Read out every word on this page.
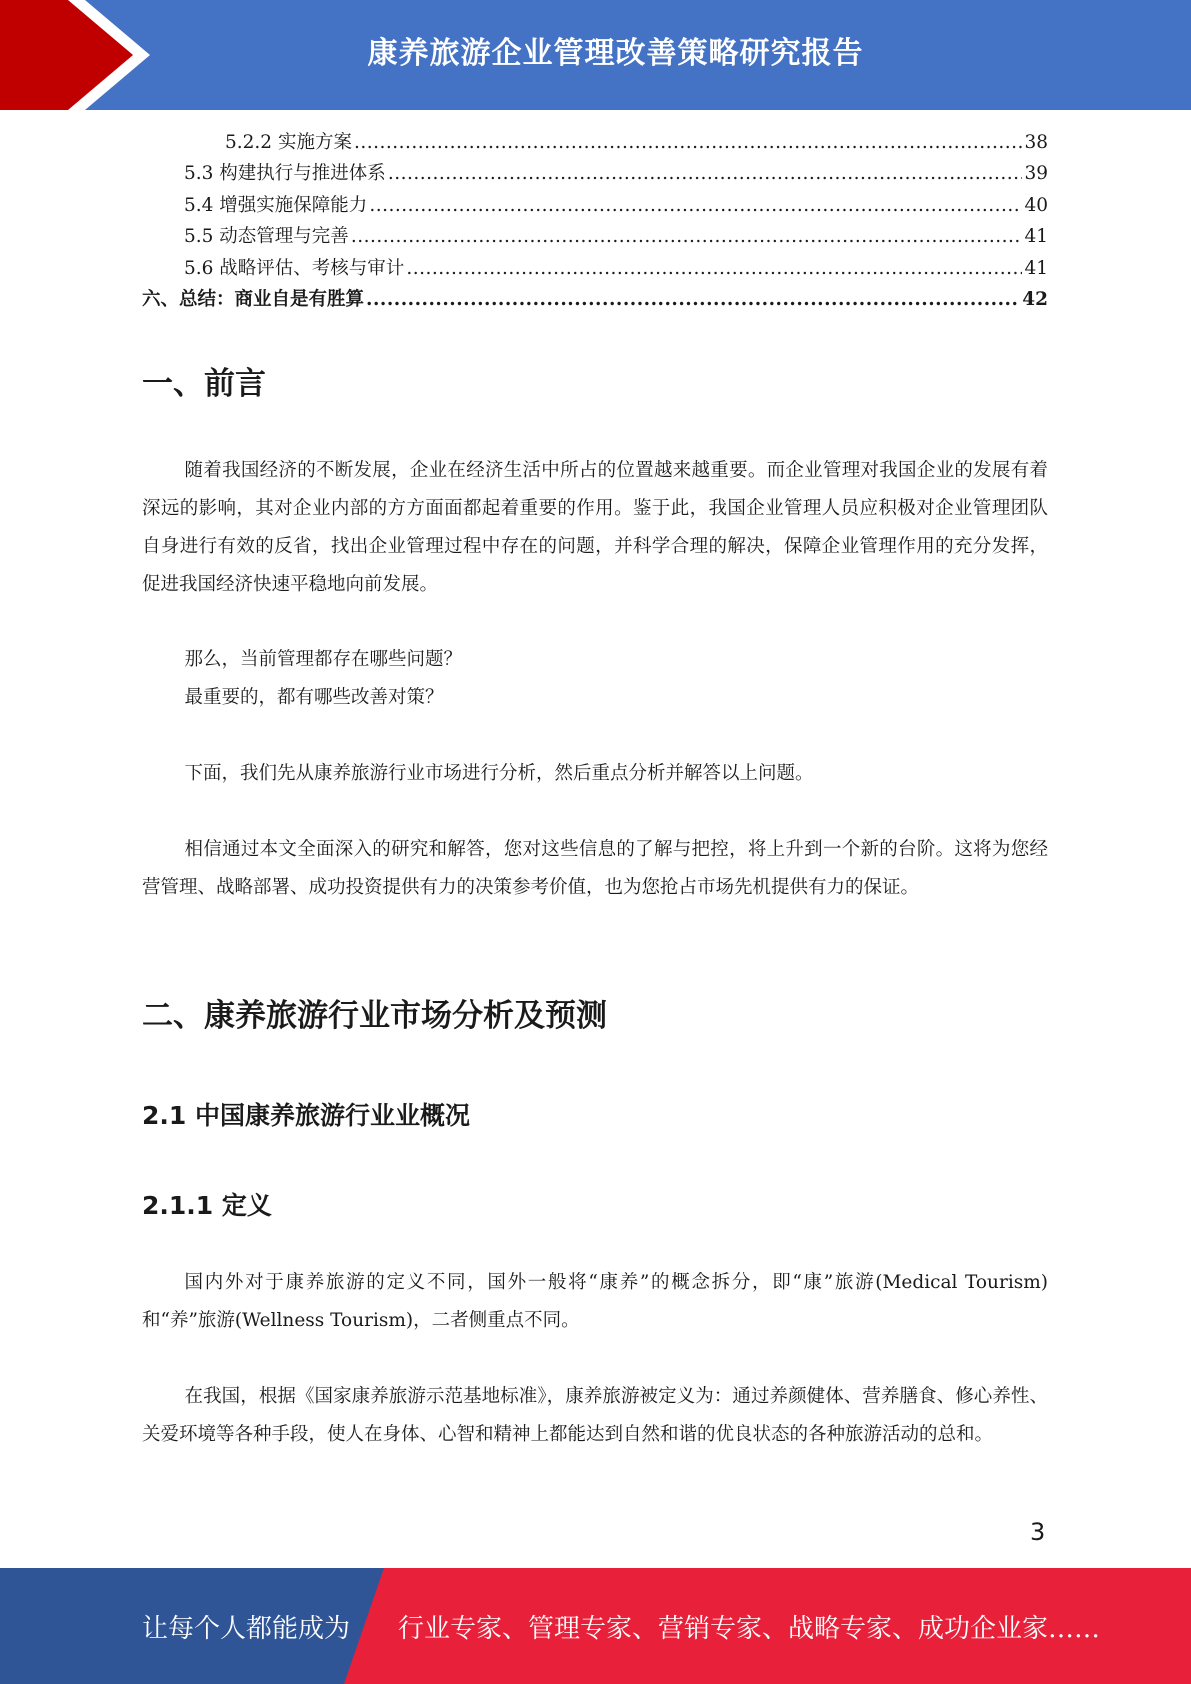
康养旅游企业管理改善策略研究报告
5.2.2 实施方案 .....	38
5.3 构建执行与推进体系 .....	39
5.4 增强实施保障能力 .....	40
5.5 动态管理与完善 .....	41
5.6 战略评估、考核与审计 .....	41
六、总结：商业自是有胜算 .....	42
一、前言

随着我国经济的不断发展，企业在经济生活中所占的位置越来越重要。而企业管理对我国企业的发展有着深远的影响，其对企业内部的方方面面都起着重要的作用。鉴于此，我国企业管理人员应积极对企业管理团队自身进行有效的反省，找出企业管理过程中存在的问题，并科学合理的解决，保障企业管理作用的充分发挥，促进我国经济快速平稳地向前发展。

那么，当前管理都存在哪些问题？

最重要的，都有哪些改善对策？

下面，我们先从康养旅游行业市场进行分析，然后重点分析并解答以上问题。

相信通过本文全面深入的研究和解答，您对这些信息的了解与把控，将上升到一个新的台阶。这将为您经营管理、战略部署、成功投资提供有力的决策参考价值，也为您抢占市场先机提供有力的保证。

二、康养旅游行业市场分析及预测
2.1 中国康养旅游行业业概况
2.1.1 定义

国内外对于康养旅游的定义不同，国外一般将“康养”的概念拆分，即“康”旅游(Medical Tourism)和“养”旅游(Wellness Tourism)，二者侧重点不同。

在我国，根据《国家康养旅游示范基地标准》，康养旅游被定义为：通过养颜健体、营养膳食、修心养性、关爱环境等各种手段，使人在身体、心智和精神上都能达到自然和谐的优良状态的各种旅游活动的总和。

3
让每个人都能成为 行业专家、管理专家、营销专家、战略专家、成功企业家……
